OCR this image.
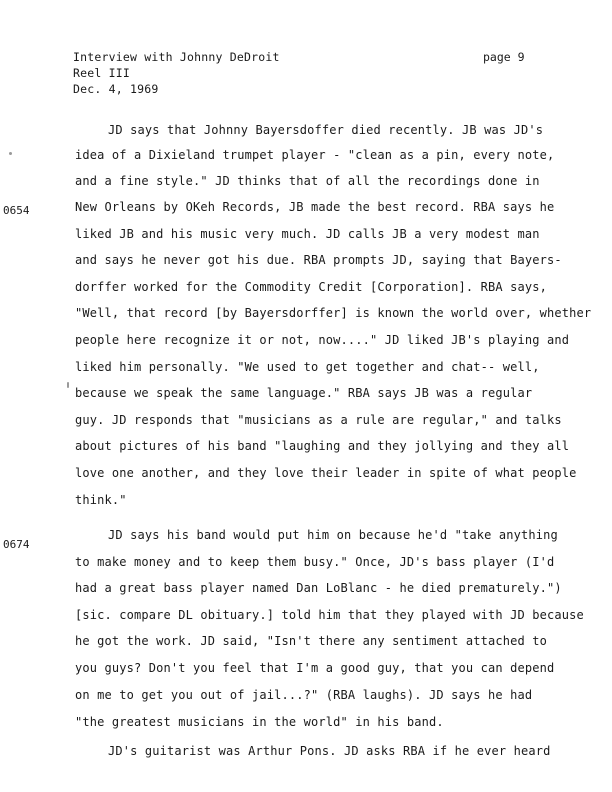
Interview with Johnny DeDroit
Reel III
Dec. 4, 1969
page 9
0654
0674
JD says that Johnny Bayersdoffer died recently. JB was JD's
idea of a Dixieland trumpet player - "clean as a pin, every note,
and a fine style." JD thinks that of all the recordings done in
New Orleans by OKeh Records, JB made the best record. RBA says he
liked JB and his music very much. JD calls JB a very modest man
and says he never got his due. RBA prompts JD, saying that Bayers-
dorffer worked for the Commodity Credit [Corporation]. RBA says,
"Well, that record [by Bayersdorffer] is known the world over, whether
people here recognize it or not, now...." JD liked JB's playing and
liked him personally. "We used to get together and chat-- well,
because we speak the same language." RBA says JB was a regular
guy. JD responds that "musicians as a rule are regular," and talks
about pictures of his band "laughing and they jollying and they all
love one another, and they love their leader in spite of what people
think."
JD says his band would put him on because he'd "take anything
to make money and to keep them busy." Once, JD's bass player (I'd
had a great bass player named Dan LoBlanc - he died prematurely.")
[sic. compare DL obituary.] told him that they played with JD because
he got the work. JD said, "Isn't there any sentiment attached to
you guys? Don't you feel that I'm a good guy, that you can depend
on me to get you out of jail...?" (RBA laughs). JD says he had
"the greatest musicians in the world" in his band.
JD's guitarist was Arthur Pons. JD asks RBA if he ever heard
